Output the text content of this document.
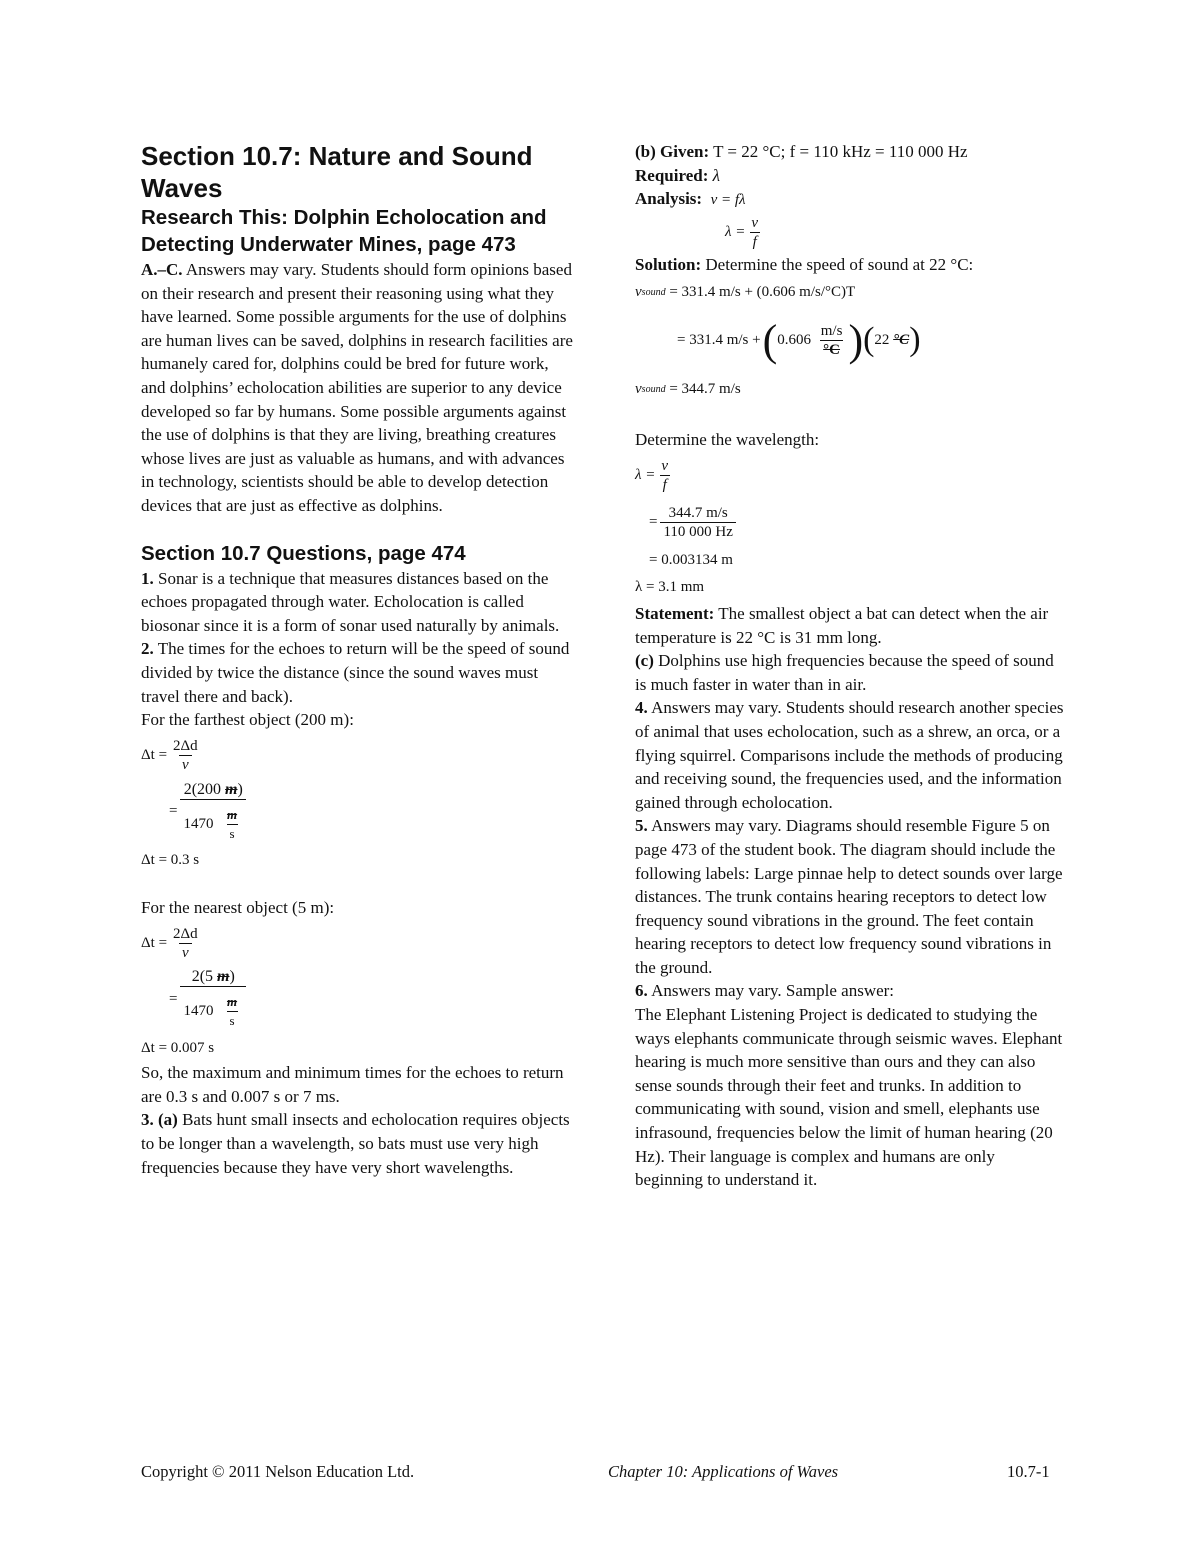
Section 10.7: Nature and Sound Waves
Research This: Dolphin Echolocation and Detecting Underwater Mines, page 473

A.–C. Answers may vary. Students should form opinions based on their research and present their reasoning using what they have learned. Some possible arguments for the use of dolphins are human lives can be saved, dolphins in research facilities are humanely cared for, dolphins could be bred for future work, and dolphins’ echolocation abilities are superior to any device developed so far by humans. Some possible arguments against the use of dolphins is that they are living, breathing creatures whose lives are just as valuable as humans, and with advances in technology, scientists should be able to develop detection devices that are just as effective as dolphins.

Section 10.7 Questions, page 474

1. Sonar is a technique that measures distances based on the echoes propagated through water. Echolocation is called biosonar since it is a form of sonar used naturally by animals.

2. The times for the echoes to return will be the speed of sound divided by twice the distance (since the sound waves must travel there and back).

For the farthest object (200 m):

$\Delta t = \frac{2\Delta d}{v}$
= $\frac{2(200 m)}{1470 \frac{m}{s}}$
Δt = 0.3 s

For the nearest object (5 m):

$\Delta t = \frac{2\Delta d}{v}$
= $\frac{2(5 m)}{1470 \frac{m}{s}}$
Δt = 0.007 s

So, the maximum and minimum times for the echoes to return are 0.3 s and 0.007 s or 7 ms.

3. (a) Bats hunt small insects and echolocation requires objects to be longer than a wavelength, so bats must use very high frequencies because they have very short wavelengths.

(b) Given: T = 22 °C; f = 110 kHz = 110 000 Hz

Required: λ

Analysis: v = fλ

$\lambda = \frac{v}{f}$

Solution: Determine the speed of sound at 22 °C:

v sound
= 331.4 m/s + (0.606 m/s/°C)T
= 331.4 m/s + ( 0.606
$\frac{m/s}{^\circ C}$ ) ( 22
°C )
v sound
= 344.7 m/s

Determine the wavelength:

$\lambda = \frac{v}{f}$
= $\frac{344.7 m/s}{110 000 Hz}$
= 0.003134 m
λ = 3.1 mm

Statement: The smallest object a bat can detect when the air temperature is 22 °C is 31 mm long.

(c) Dolphins use high frequencies because the speed of sound is much faster in water than in air.

4. Answers may vary. Students should research another species of animal that uses echolocation, such as a shrew, an orca, or a flying squirrel. Comparisons include the methods of producing and receiving sound, the frequencies used, and the information gained through echolocation.

5. Answers may vary. Diagrams should resemble Figure 5 on page 473 of the student book. The diagram should include the following labels: Large pinnae help to detect sounds over large distances. The trunk contains hearing receptors to detect low frequency sound vibrations in the ground. The feet contain hearing receptors to detect low frequency sound vibrations in the ground.

6. Answers may vary. Sample answer:

The Elephant Listening Project is dedicated to studying the ways elephants communicate through seismic waves. Elephant hearing is much more sensitive than ours and they can also sense sounds through their feet and trunks. In addition to communicating with sound, vision and smell, elephants use infrasound, frequencies below the limit of human hearing (20 Hz). Their language is complex and humans are only beginning to understand it.

Copyright © 2011 Nelson Education Ltd.	Chapter 10: Applications of Waves	10.7-1
